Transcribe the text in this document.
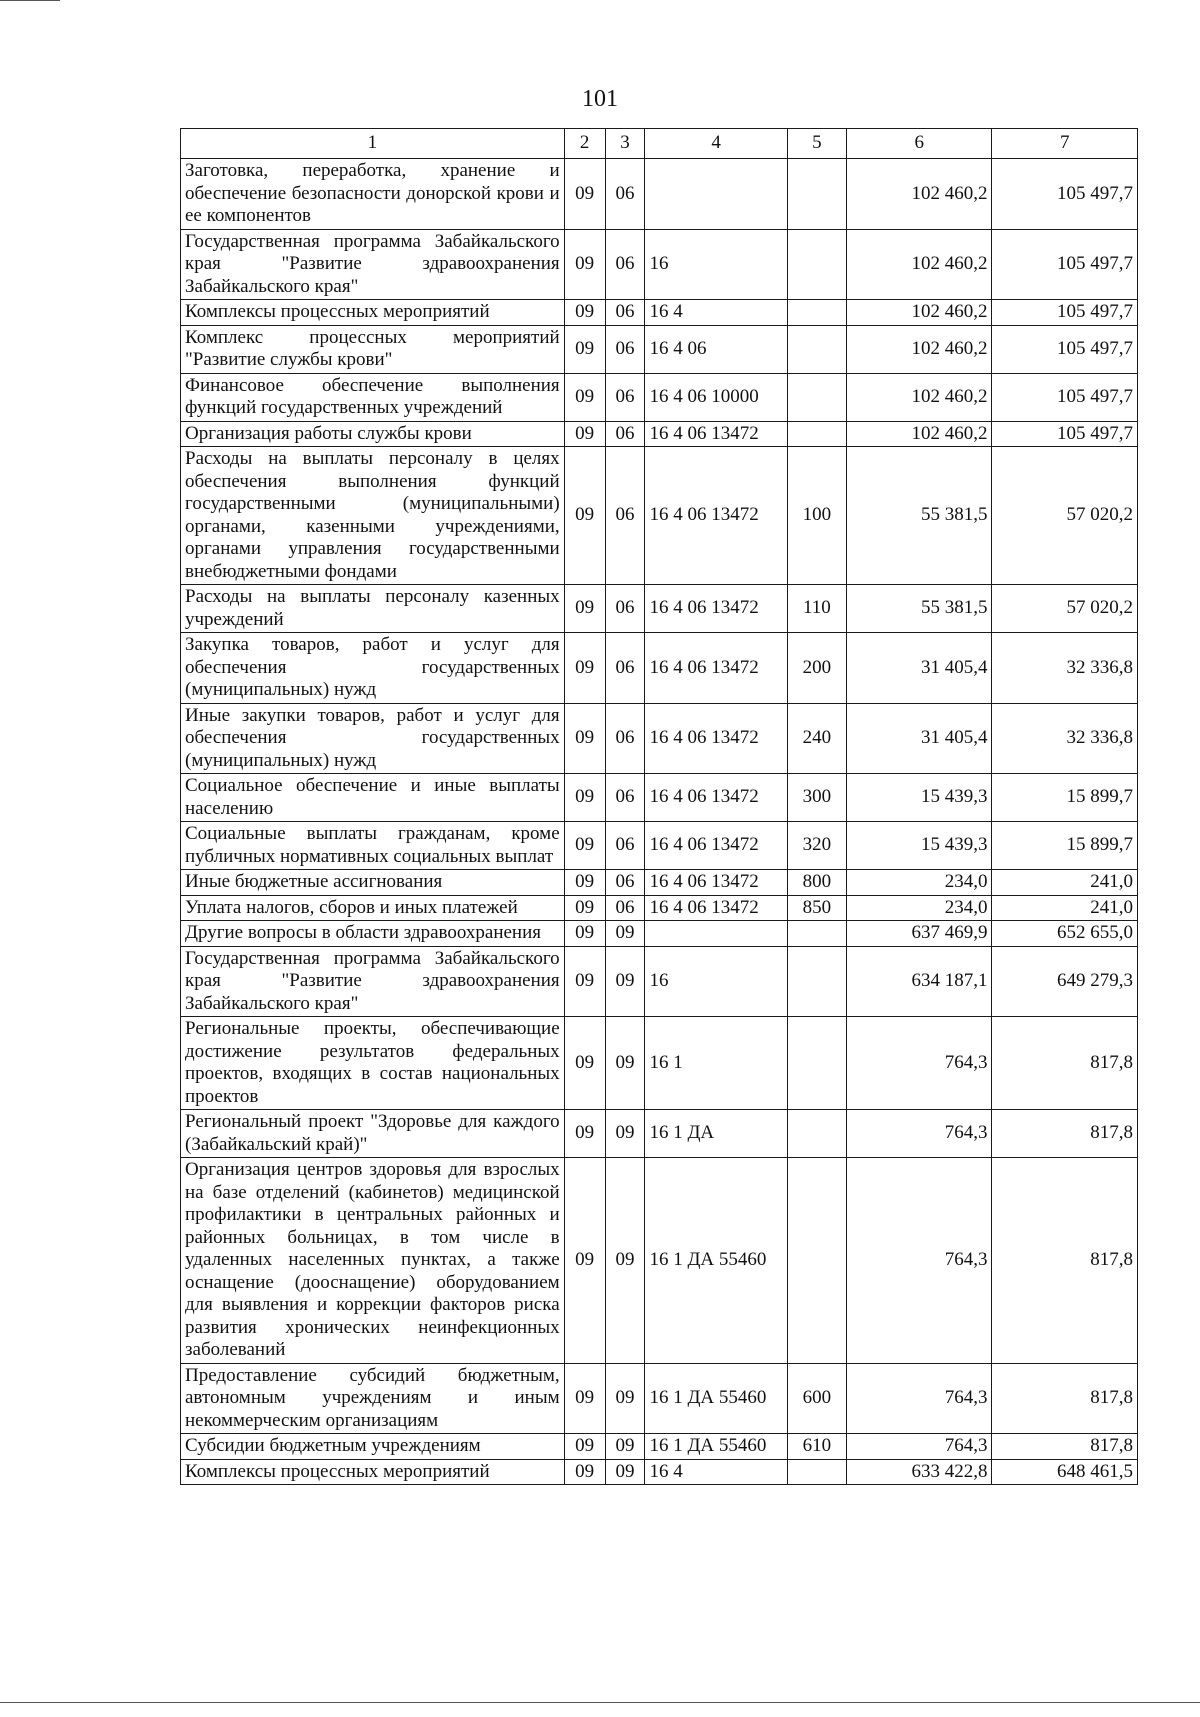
101
1	2	3	4	5	6	7
Заготовка, переработка, хранение и обеспечение безопасности донорской крови и ее компонентов	09	06			102 460,2	105 497,7
Государственная программа Забайкальского края "Развитие здравоохранения Забайкальского края"	09	06	16		102 460,2	105 497,7
Комплексы процессных мероприятий	09	06	16 4		102 460,2	105 497,7
Комплекс процессных мероприятий "Развитие службы крови"	09	06	16 4 06		102 460,2	105 497,7
Финансовое обеспечение выполнения функций государственных учреждений	09	06	16 4 06 10000		102 460,2	105 497,7
Организация работы службы крови	09	06	16 4 06 13472		102 460,2	105 497,7
Расходы на выплаты персоналу в целях обеспечения выполнения функций государственными (муниципальными) органами, казенными учреждениями, органами управления государственными внебюджетными фондами	09	06	16 4 06 13472	100	55 381,5	57 020,2
Расходы на выплаты персоналу казенных учреждений	09	06	16 4 06 13472	110	55 381,5	57 020,2
Закупка товаров, работ и услуг для обеспечения государственных (муниципальных) нужд	09	06	16 4 06 13472	200	31 405,4	32 336,8
Иные закупки товаров, работ и услуг для обеспечения государственных (муниципальных) нужд	09	06	16 4 06 13472	240	31 405,4	32 336,8
Социальное обеспечение и иные выплаты населению	09	06	16 4 06 13472	300	15 439,3	15 899,7
Социальные выплаты гражданам, кроме публичных нормативных социальных выплат	09	06	16 4 06 13472	320	15 439,3	15 899,7
Иные бюджетные ассигнования	09	06	16 4 06 13472	800	234,0	241,0
Уплата налогов, сборов и иных платежей	09	06	16 4 06 13472	850	234,0	241,0
Другие вопросы в области здравоохранения	09	09			637 469,9	652 655,0
Государственная программа Забайкальского края "Развитие здравоохранения Забайкальского края"	09	09	16		634 187,1	649 279,3
Региональные проекты, обеспечивающие достижение результатов федеральных проектов, входящих в состав национальных проектов	09	09	16 1		764,3	817,8
Региональный проект "Здоровье для каждого (Забайкальский край)"	09	09	16 1 ДА		764,3	817,8
Организация центров здоровья для взрослых на базе отделений (кабинетов) медицинской профилактики в центральных районных и районных больницах, в том числе в удаленных населенных пунктах, а также оснащение (дооснащение) оборудованием для выявления и коррекции факторов риска развития хронических неинфекционных заболеваний	09	09	16 1 ДА 55460		764,3	817,8
Предоставление субсидий бюджетным, автономным учреждениям и иным некоммерческим организациям	09	09	16 1 ДА 55460	600	764,3	817,8
Субсидии бюджетным учреждениям	09	09	16 1 ДА 55460	610	764,3	817,8
Комплексы процессных мероприятий	09	09	16 4		633 422,8	648 461,5
